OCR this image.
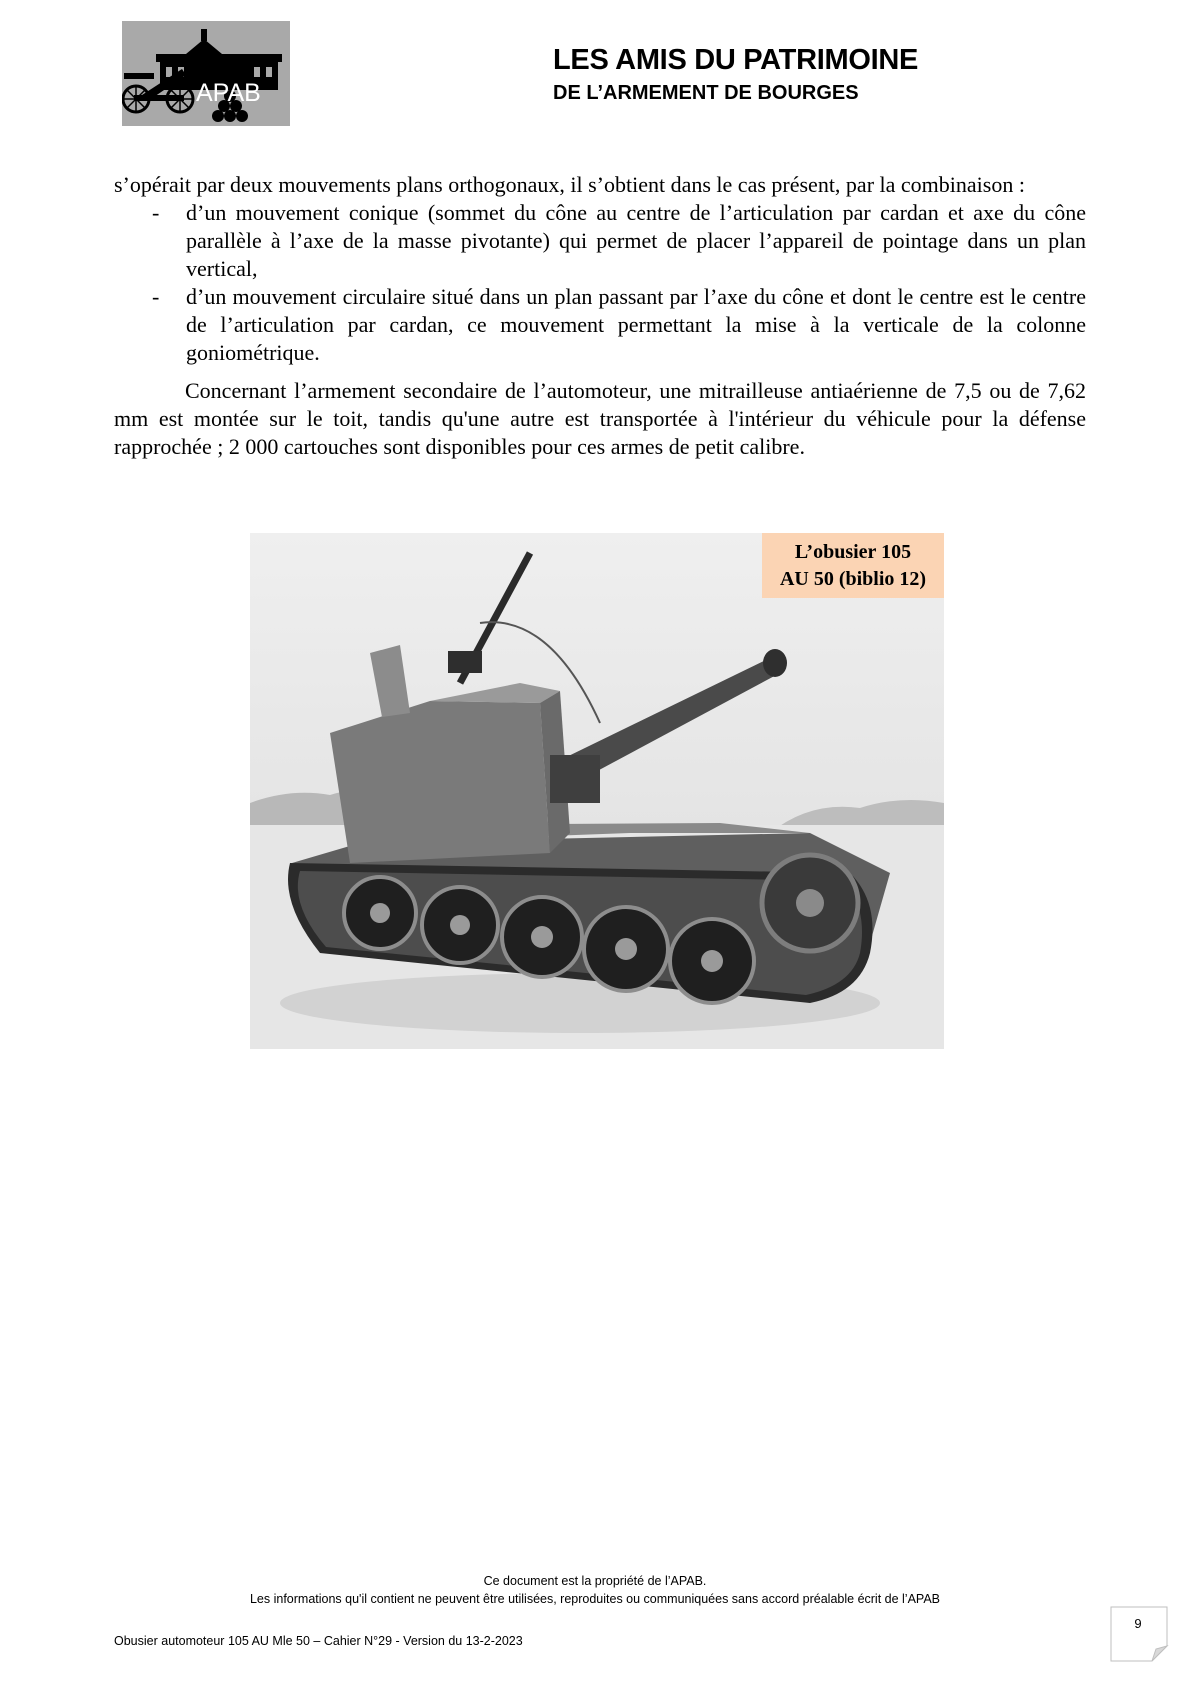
APAB
LES AMIS DU PATRIMOINE
DE L’ARMEMENT DE BOURGES

s’opérait par deux mouvements plans orthogonaux, il s’obtient dans le cas présent, par la combinaison :

- d’un mouvement conique (sommet du cône au centre de l’articulation par cardan et axe du cône parallèle à l’axe de la masse pivotante) qui permet de placer l’appareil de pointage dans un plan vertical,
- d’un mouvement circulaire situé dans un plan passant par l’axe du cône et dont le centre est le centre de l’articulation par cardan, ce mouvement permettant la mise à la verticale de la colonne goniométrique.

Concernant l’armement secondaire de l’automoteur, une mitrailleuse antiaérienne de 7,5 ou de 7,62 mm est montée sur le toit, tandis qu'une autre est transportée à l'intérieur du véhicule pour la défense rapprochée ; 2 000 cartouches sont disponibles pour ces armes de petit calibre.

L’obusier 105
AU 50 (biblio 12)
Ce document est la propriété de l’APAB.
Les informations qu'il contient ne peuvent être utilisées, reproduites ou communiquées sans accord préalable écrit de l’APAB
Obusier automoteur 105 AU Mle 50 – Cahier N°29 - Version du 13-2-2023
9
